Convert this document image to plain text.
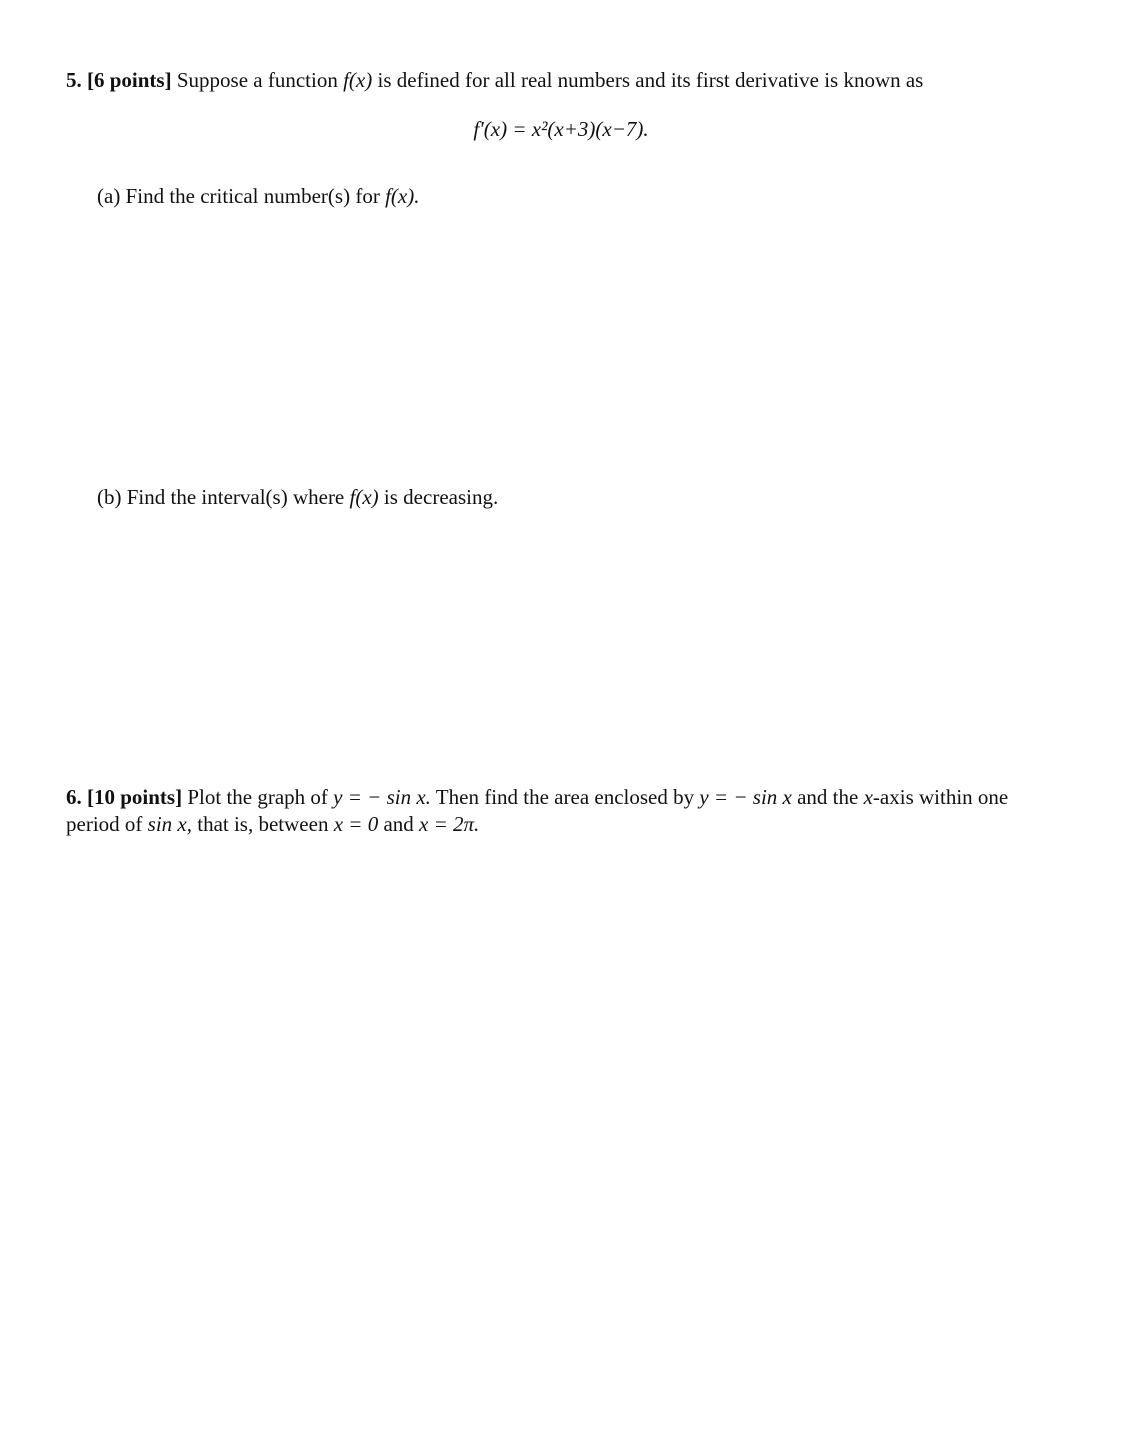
5. [6 points] Suppose a function f(x) is defined for all real numbers and its first derivative is known as
f′(x) = x²(x+3)(x−7).
(a) Find the critical number(s) for f(x).
(b) Find the interval(s) where f(x) is decreasing.
6. [10 points] Plot the graph of y = − sin x. Then find the area enclosed by y = − sin x and the x-axis within one
period of sin x, that is, between x = 0 and x = 2π.
